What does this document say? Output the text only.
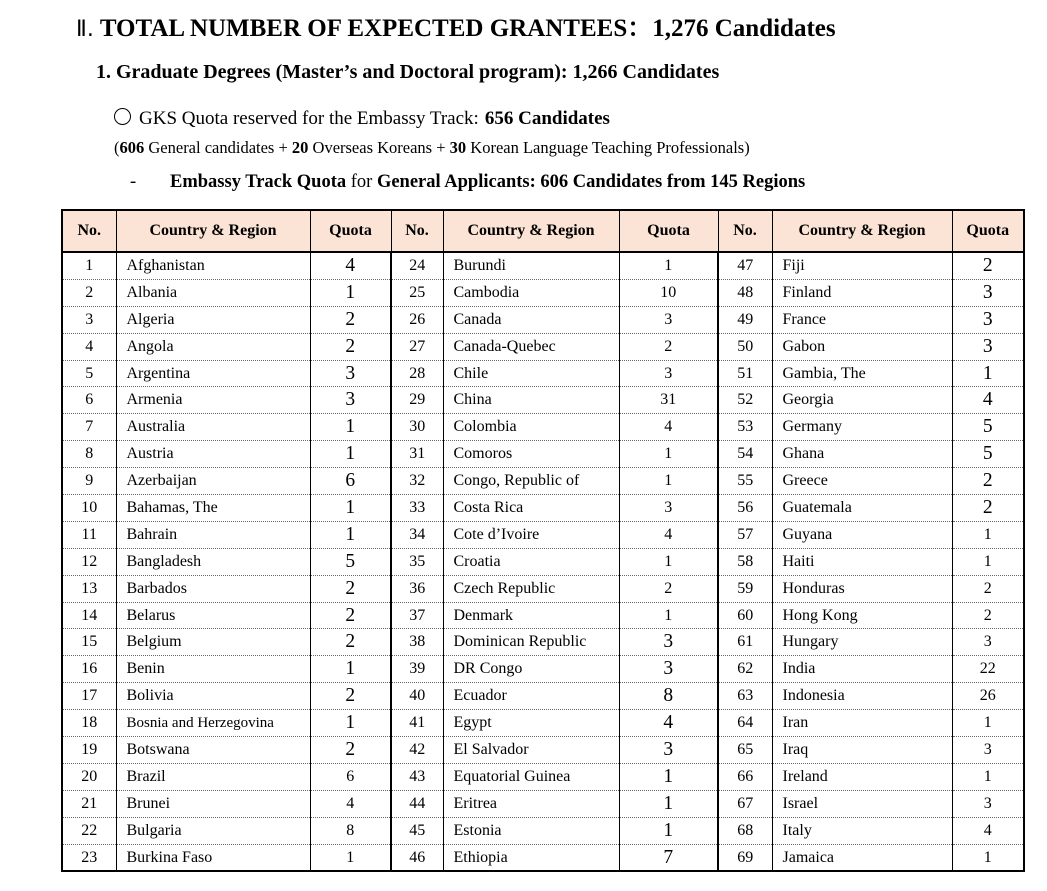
Ⅱ. TOTAL NUMBER OF EXPECTED GRANTEES：1,276 Candidates
1. Graduate Degrees (Master’s and Doctoral program): 1,266 Candidates
GKS Quota reserved for the Embassy Track: 656 Candidates
(606 General candidates + 20 Overseas Koreans + 30 Korean Language Teaching Professionals)
- Embassy Track Quota for General Applicants: 606 Candidates from 145 Regions
No.	Country & Region	Quota	No.	Country & Region	Quota	No.	Country & Region	Quota
1	Afghanistan	4	24	Burundi	1	47	Fiji	2
2	Albania	1	25	Cambodia	10	48	Finland	3
3	Algeria	2	26	Canada	3	49	France	3
4	Angola	2	27	Canada-Quebec	2	50	Gabon	3
5	Argentina	3	28	Chile	3	51	Gambia, The	1
6	Armenia	3	29	China	31	52	Georgia	4
7	Australia	1	30	Colombia	4	53	Germany	5
8	Austria	1	31	Comoros	1	54	Ghana	5
9	Azerbaijan	6	32	Congo, Republic of	1	55	Greece	2
10	Bahamas, The	1	33	Costa Rica	3	56	Guatemala	2
11	Bahrain	1	34	Cote d’Ivoire	4	57	Guyana	1
12	Bangladesh	5	35	Croatia	1	58	Haiti	1
13	Barbados	2	36	Czech Republic	2	59	Honduras	2
14	Belarus	2	37	Denmark	1	60	Hong Kong	2
15	Belgium	2	38	Dominican Republic	3	61	Hungary	3
16	Benin	1	39	DR Congo	3	62	India	22
17	Bolivia	2	40	Ecuador	8	63	Indonesia	26
18	Bosnia and Herzegovina	1	41	Egypt	4	64	Iran	1
19	Botswana	2	42	El Salvador	3	65	Iraq	3
20	Brazil	6	43	Equatorial Guinea	1	66	Ireland	1
21	Brunei	4	44	Eritrea	1	67	Israel	3
22	Bulgaria	8	45	Estonia	1	68	Italy	4
23	Burkina Faso	1	46	Ethiopia	7	69	Jamaica	1
